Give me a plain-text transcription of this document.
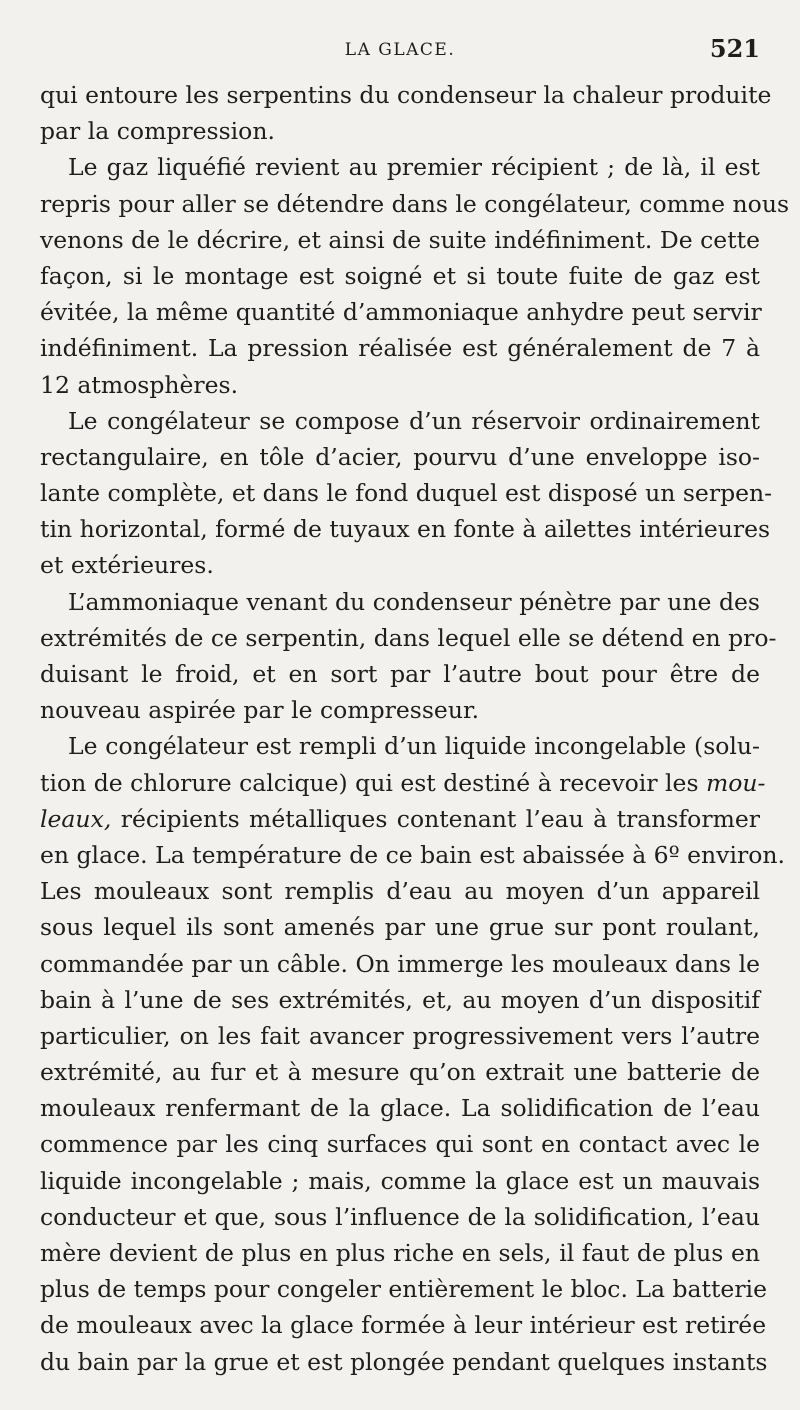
LA GLACE.	521
qui entoure les serpentins du condenseur la chaleur produite
par la compression.
Le gaz liquéfié revient au premier récipient ; de là, il est
repris pour aller se détendre dans le congélateur, comme nous
venons de le décrire, et ainsi de suite indéfiniment. De cette
façon, si le montage est soigné et si toute fuite de gaz est
évitée, la même quantité d’ammoniaque anhydre peut servir
indéfiniment. La pression réalisée est généralement de 7 à
12 atmosphères.
Le congélateur se compose d’un réservoir ordinairement
rectangulaire, en tôle d’acier, pourvu d’une enveloppe iso-
lante complète, et dans le fond duquel est disposé un serpen-
tin horizontal, formé de tuyaux en fonte à ailettes intérieures
et extérieures.
L’ammoniaque venant du condenseur pénètre par une des
extrémités de ce serpentin, dans lequel elle se détend en pro-
duisant le froid, et en sort par l’autre bout pour être de
nouveau aspirée par le compresseur.
Le congélateur est rempli d’un liquide incongelable (solu-
tion de chlorure calcique) qui est destiné à recevoir les mou-
leaux, récipients métalliques contenant l’eau à transformer
en glace. La température de ce bain est abaissée à 6º environ.
Les mouleaux sont remplis d’eau au moyen d’un appareil
sous lequel ils sont amenés par une grue sur pont roulant,
commandée par un câble. On immerge les mouleaux dans le
bain à l’une de ses extrémités, et, au moyen d’un dispositif
particulier, on les fait avancer progressivement vers l’autre
extrémité, au fur et à mesure qu’on extrait une batterie de
mouleaux renfermant de la glace. La solidification de l’eau
commence par les cinq surfaces qui sont en contact avec le
liquide incongelable ; mais, comme la glace est un mauvais
conducteur et que, sous l’influence de la solidification, l’eau
mère devient de plus en plus riche en sels, il faut de plus en
plus de temps pour congeler entièrement le bloc. La batterie
de mouleaux avec la glace formée à leur intérieur est retirée
du bain par la grue et est plongée pendant quelques instants
